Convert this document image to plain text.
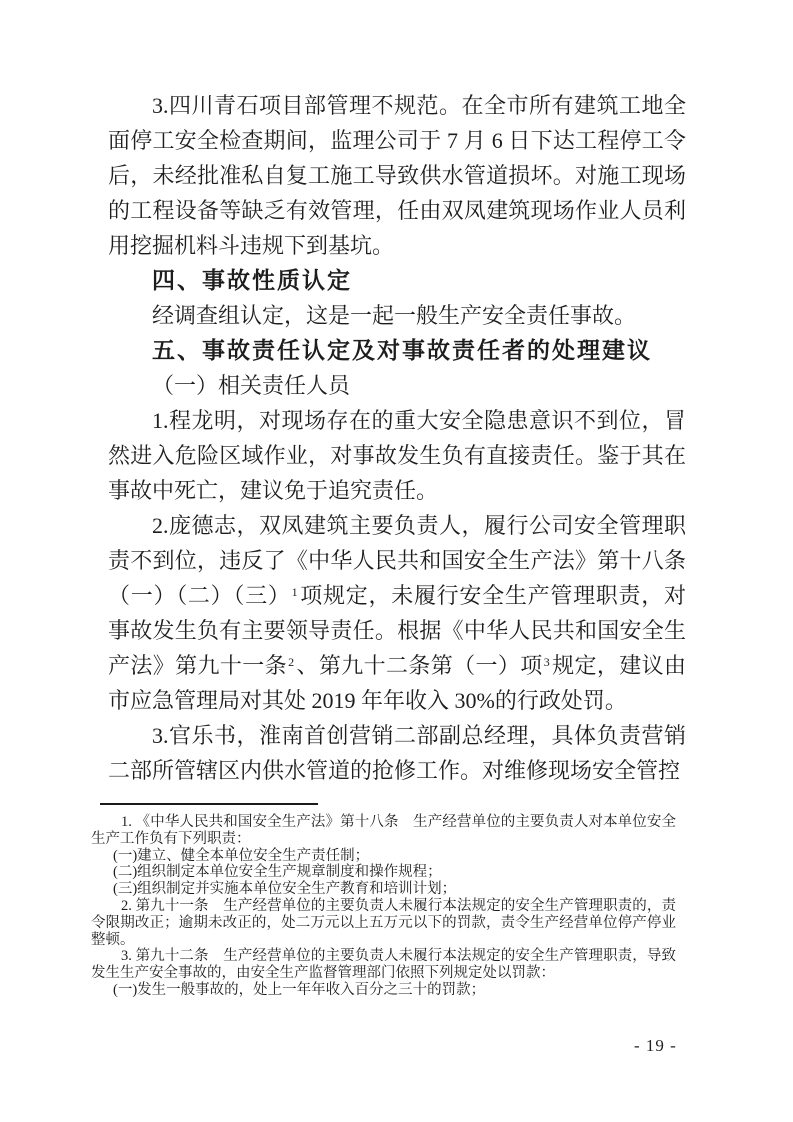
3.四川青石项目部管理不规范。在全市所有建筑工地全面停工安全检查期间，监理公司于 7 月 6 日下达工程停工令后，未经批准私自复工施工导致供水管道损坏。对施工现场的工程设备等缺乏有效管理，任由双凤建筑现场作业人员利用挖掘机料斗违规下到基坑。

四、事故性质认定

经调查组认定，这是一起一般生产安全责任事故。

五、事故责任认定及对事故责任者的处理建议

（一）相关责任人员

1.程龙明，对现场存在的重大安全隐患意识不到位，冒然进入危险区域作业，对事故发生负有直接责任。鉴于其在事故中死亡，建议免于追究责任。

2.庞德志，双凤建筑主要负责人，履行公司安全管理职责不到位，违反了《中华人民共和国安全生产法》第十八条（一）（二）（三）$^1$项规定，未履行安全生产管理职责，对事故发生负有主要领导责任。根据《中华人民共和国安全生产法》第九十一条$^2$、第九十二条第（一）项$^3$规定，建议由市应急管理局对其处 2019 年年收入 30%的行政处罚。

3.官乐书，淮南首创营销二部副总经理，具体负责营销二部所管辖区内供水管道的抢修工作。对维修现场安全管控

1. 《中华人民共和国安全生产法》第十八条　生产经营单位的主要负责人对本单位安全生产工作负有下列职责：

(一)建立、健全本单位安全生产责任制；

(二)组织制定本单位安全生产规章制度和操作规程；

(三)组织制定并实施本单位安全生产教育和培训计划；

2. 第九十一条　生产经营单位的主要负责人未履行本法规定的安全生产管理职责的，责令限期改正；逾期未改正的，处二万元以上五万元以下的罚款，责令生产经营单位停产停业整顿。

3. 第九十二条　生产经营单位的主要负责人未履行本法规定的安全生产管理职责，导致发生生产安全事故的，由安全生产监督管理部门依照下列规定处以罚款：

(一)发生一般事故的，处上一年年收入百分之三十的罚款；

- 19 -
